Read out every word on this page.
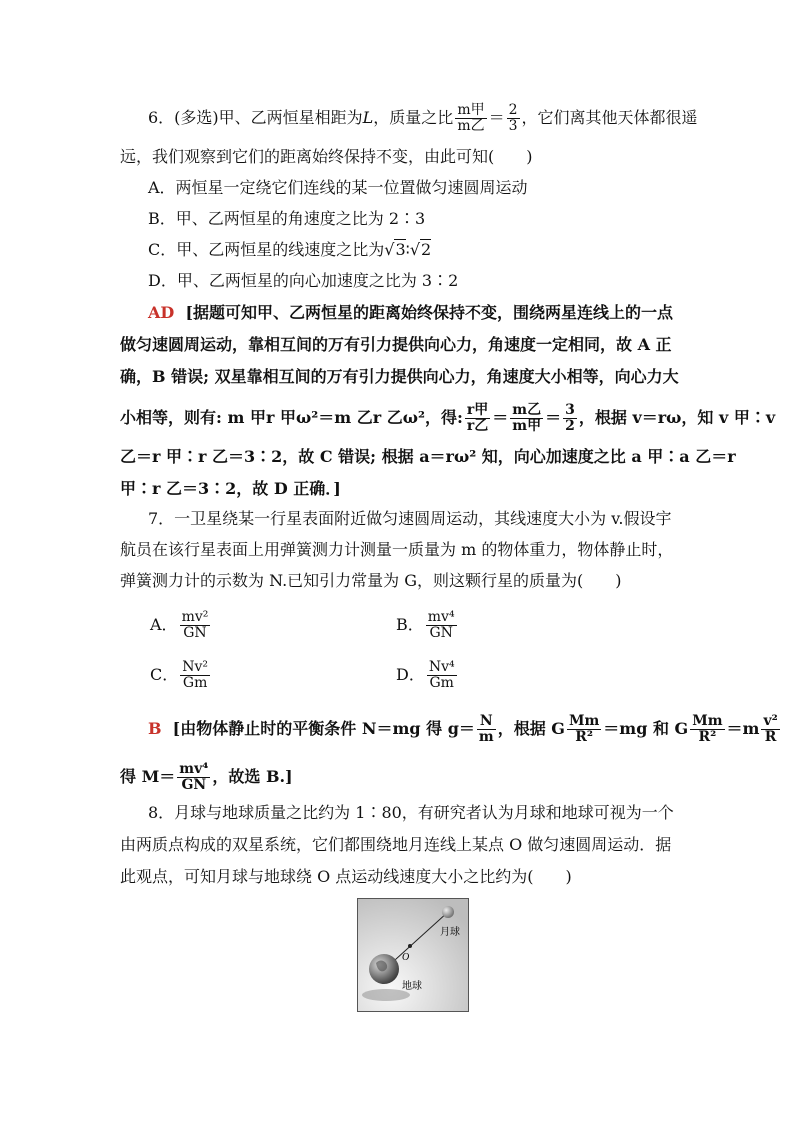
6．(多选)甲、乙两恒星相距为L，质量之比 $\frac{\text{m甲}}{\text{m乙}} = \frac{2}{3}$ ，它们离其他天体都很遥
远，我们观察到它们的距离始终保持不变，由此可知(　　)
A．两恒星一定绕它们连线的某一位置做匀速圆周运动
B．甲、乙两恒星的角速度之比为 2∶3
C．甲、乙两恒星的线速度之比为√3∶√2
D．甲、乙两恒星的向心加速度之比为 3∶2
AD [据题可知甲、乙两恒星的距离始终保持不变，围绕两星连线上的一点
做匀速圆周运动，靠相互间的万有引力提供向心力，角速度一定相同，故 A 正
确，B 错误; 双星靠相互间的万有引力提供向心力，角速度大小相等，向心力大
小相等，则有: m 甲r 甲ω²＝m 乙r 乙ω²，得: $\frac{\text{r甲}}{\text{r乙}} = \frac{\text{m乙}}{\text{m甲}} = \frac{3}{2}$ ，根据 v＝rω，知 v 甲∶v
乙＝r 甲∶r 乙＝3∶2，故 C 错误; 根据 a＝rω² 知，向心加速度之比 a 甲∶a 乙＝r
甲∶r 乙＝3∶2，故 D 正确．]
7．一卫星绕某一行星表面附近做匀速圆周运动，其线速度大小为 v.假设宇
航员在该行星表面上用弹簧测力计测量一质量为 m 的物体重力，物体静止时，
弹簧测力计的示数为 N.已知引力常量为 G，则这颗行星的质量为(　　)
A． $\frac{\text{mv²}}{GN}$	B． $\frac{\text{mv⁴}}{GN}$
C． $\frac{\text{Nv²}}{Gm}$	D． $\frac{\text{Nv⁴}}{Gm}$
B [由物体静止时的平衡条件 N＝mg 得 $g= \frac{N}{m}$ ，根据 G $\frac{Mm}{\text{R²}} =mg$ 和 G $\frac{Mm}{\text{R²}} =m \frac{\text{v²}}{R}$
得 $M= \frac{\text{mv⁴}}{GN}$ ，故选 B.]
8．月球与地球质量之比约为 1∶80，有研究者认为月球和地球可视为一个
由两质点构成的双星系统，它们都围绕地月连线上某点 O 做匀速圆周运动．据
此观点，可知月球与地球绕 O 点运动线速度大小之比约为(　　)
O
月球
地球
